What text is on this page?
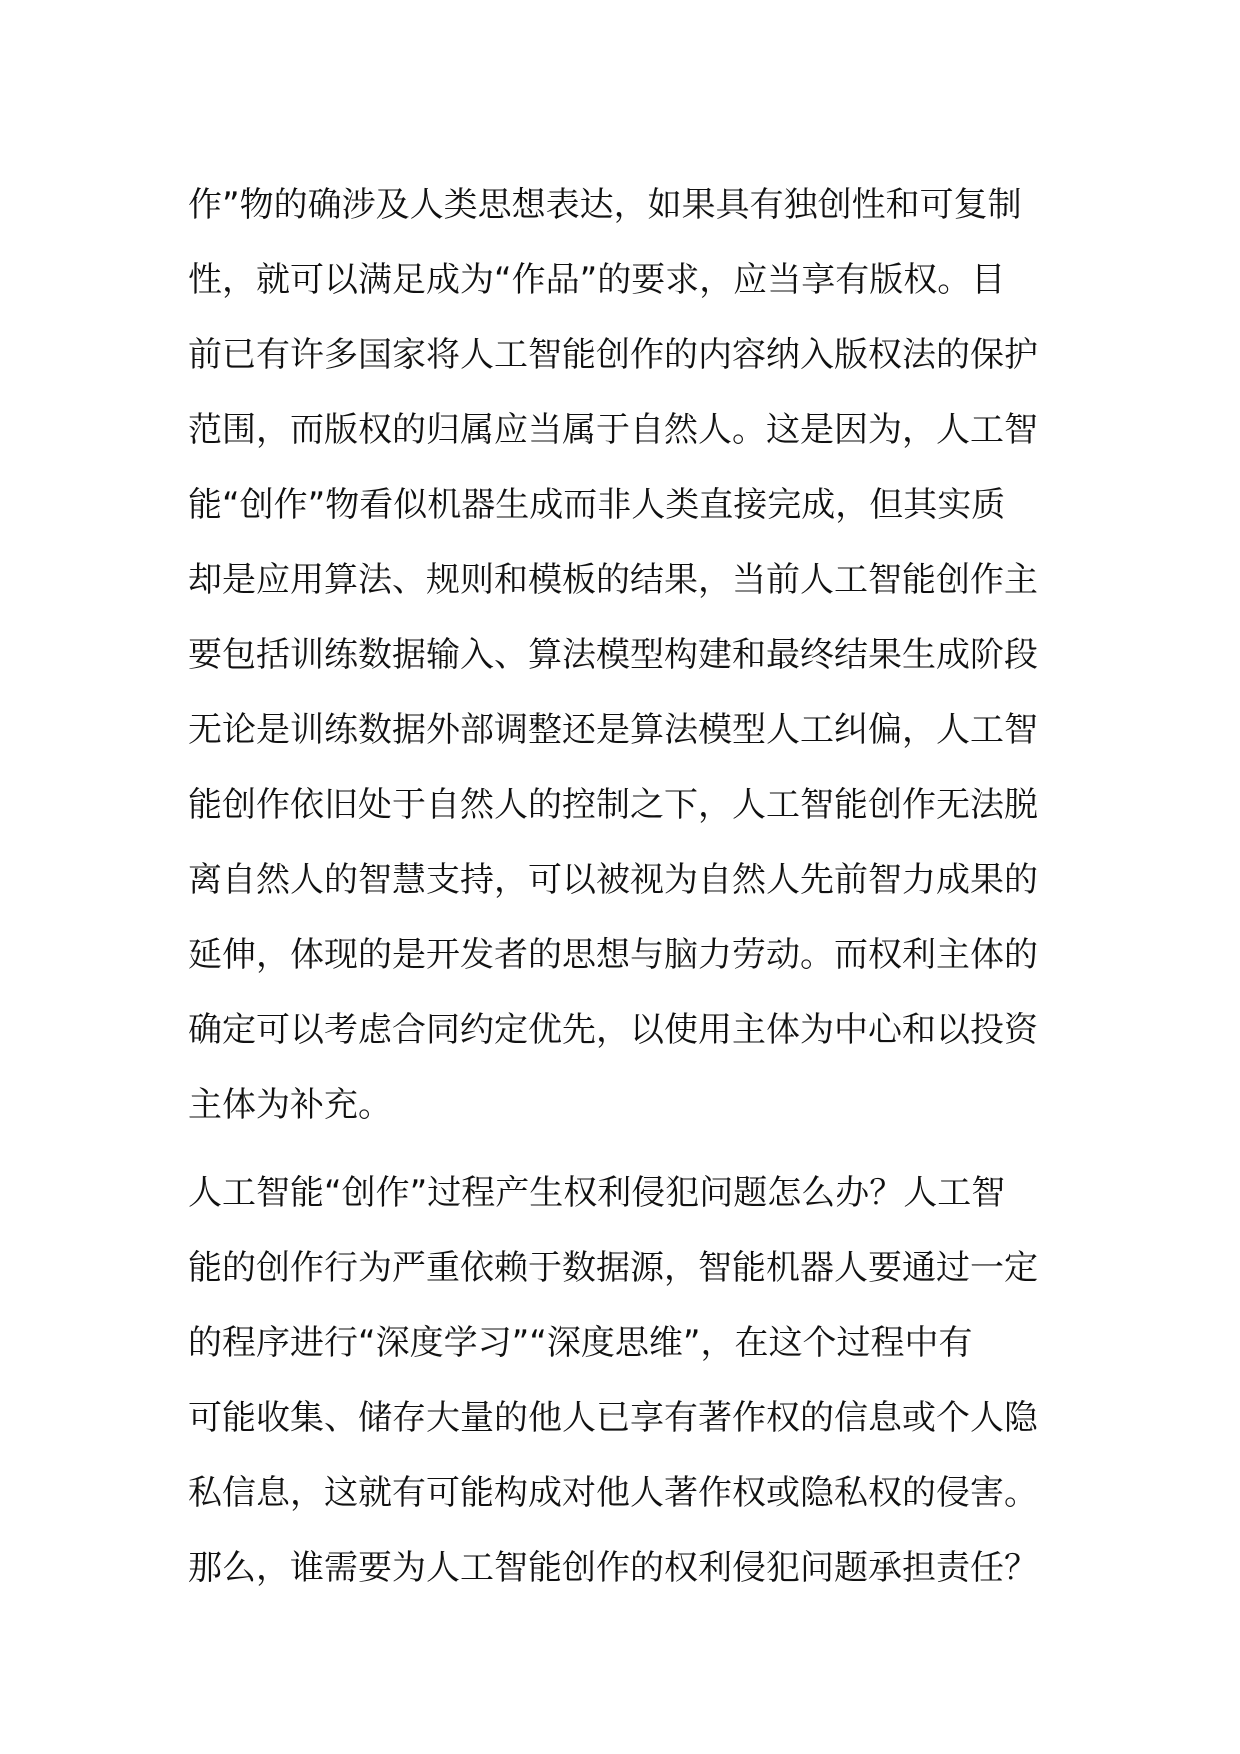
作”物的确涉及人类思想表达，如果具有独创性和可复制
性，就可以满足成为“作品”的要求，应当享有版权。目
前已有许多国家将人工智能创作的内容纳入版权法的保护
范围，而版权的归属应当属于自然人。这是因为，人工智
能“创作”物看似机器生成而非人类直接完成，但其实质
却是应用算法、规则和模板的结果，当前人工智能创作主
要包括训练数据输入、算法模型构建和最终结果生成阶段
无论是训练数据外部调整还是算法模型人工纠偏，人工智
能创作依旧处于自然人的控制之下，人工智能创作无法脱
离自然人的智慧支持，可以被视为自然人先前智力成果的
延伸，体现的是开发者的思想与脑力劳动。而权利主体的
确定可以考虑合同约定优先，以使用主体为中心和以投资
主体为补充。
人工智能“创作”过程产生权利侵犯问题怎么办？人工智
能的创作行为严重依赖于数据源，智能机器人要通过一定
的程序进行“深度学习”“深度思维”，在这个过程中有
可能收集、储存大量的他人已享有著作权的信息或个人隐
私信息，这就有可能构成对他人著作权或隐私权的侵害。
那么，谁需要为人工智能创作的权利侵犯问题承担责任？
